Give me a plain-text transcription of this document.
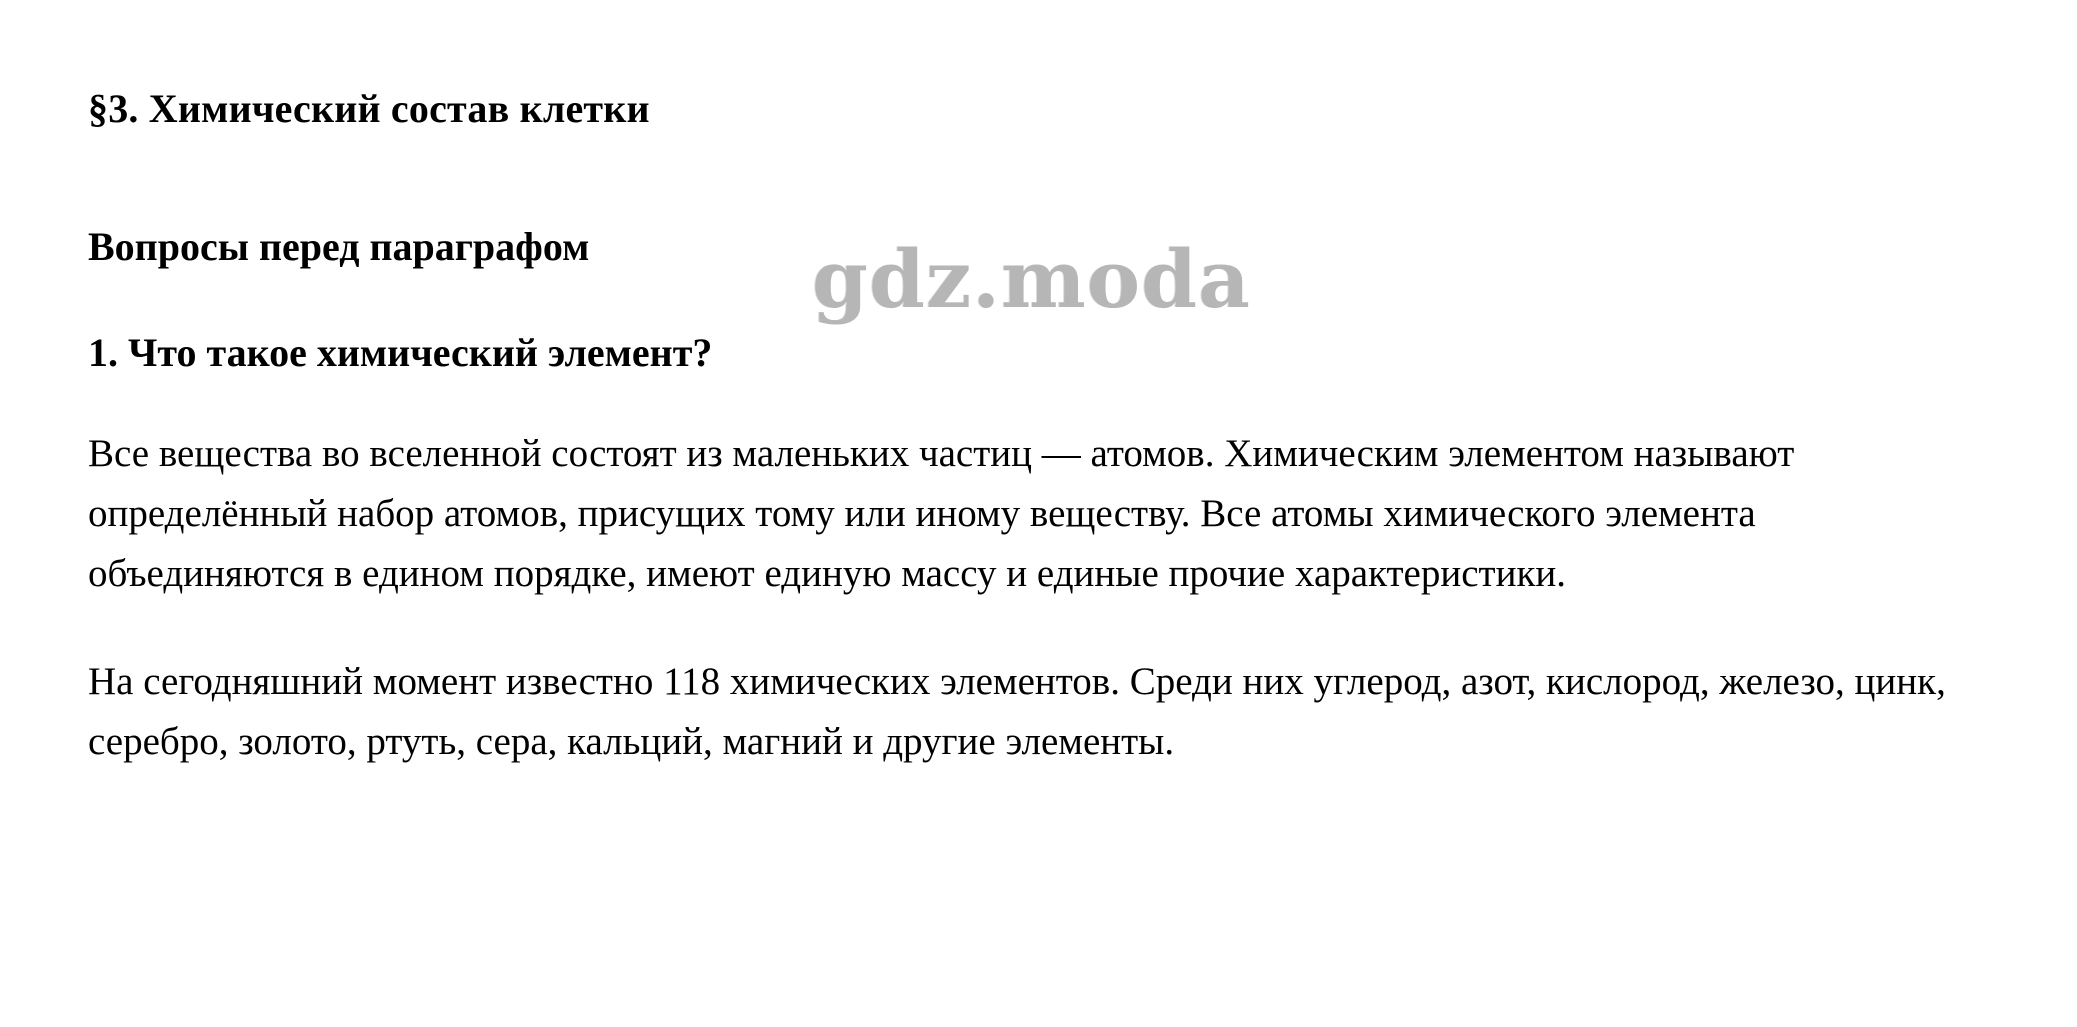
§3. Химический состав клетки
Вопросы перед параграфом
1. Что такое химический элемент?

Все вещества во вселенной состоят из маленьких частиц — атомов. Химическим элементом называют определённый набор атомов, присущих тому или иному веществу. Все атомы химического элемента объединяются в едином порядке, имеют единую массу и единые прочие характеристики.

На сегодняшний момент известно 118 химических элементов. Среди них углерод, азот, кислород, железо, цинк, серебро, золото, ртуть, сера, кальций, магний и другие элементы.

gdz.moda
